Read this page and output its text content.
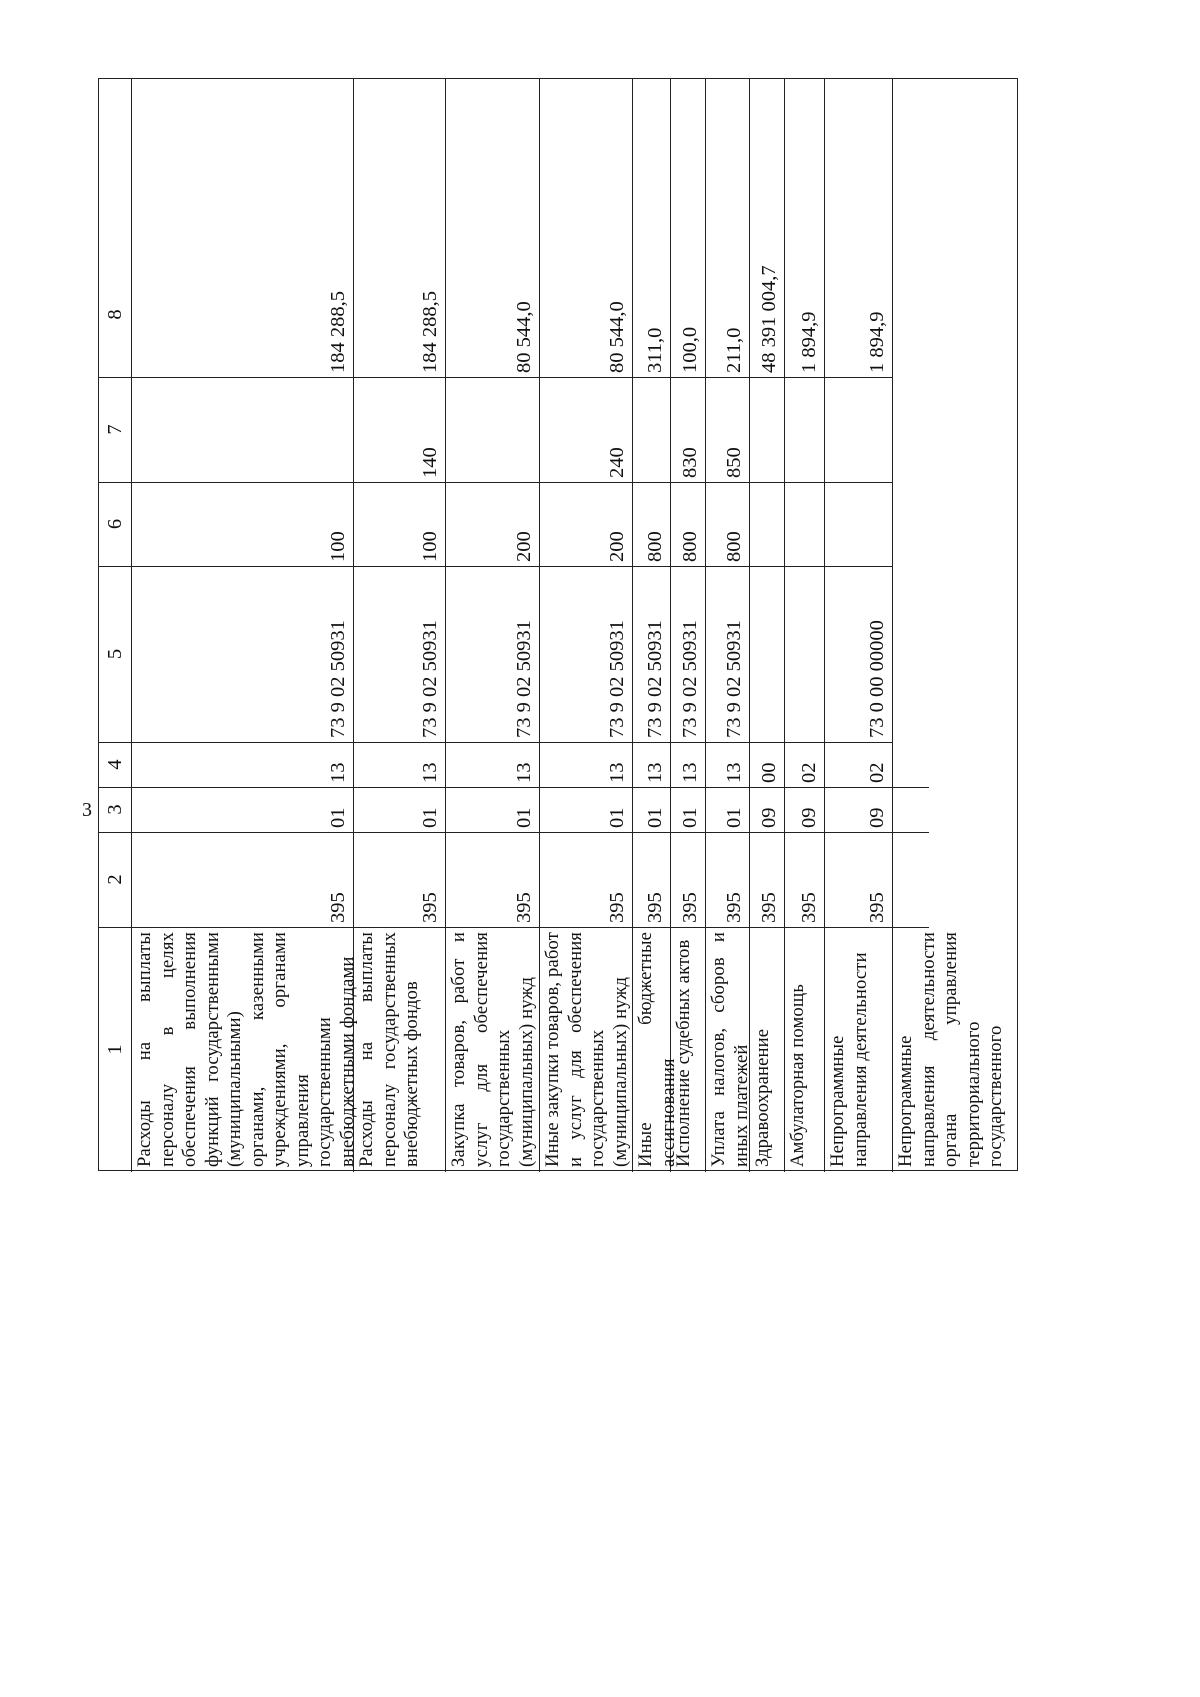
3
1
2
3
4
5
6
7
8
Расходы на выплаты персоналу в целях обеспечения выполнения функций государственными (муниципальными) органами, казенными учреждениями, органами управления государственными внебюджетными фондами
395
01
13
73 9 02 50931
100
184 288,5
Расходы на выплаты персоналу государственных внебюджетных фондов
395
01
13
73 9 02 50931
100
140
184 288,5
Закупка товаров, работ и услуг для обеспечения государственных (муниципальных) нужд
395
01
13
73 9 02 50931
200
80 544,0
Иные закупки товаров, работ и услуг для обеспечения государственных (муниципальных) нужд
395
01
13
73 9 02 50931
200
240
80 544,0
Иные бюджетные ассигнования
395
01
13
73 9 02 50931
800
311,0
Исполнение судебных актов
395
01
13
73 9 02 50931
800
830
100,0
Уплата налогов, сборов и иных платежей
395
01
13
73 9 02 50931
800
850
211,0
Здравоохранение
395
09
00
48 391 004,7
Амбулаторная помощь
395
09
02
1 894,9
Непрограммные направления деятельности
395
09
02
73 0 00 00000
1 894,9
Непрограммные направления деятельности органа управления территориального государственного
